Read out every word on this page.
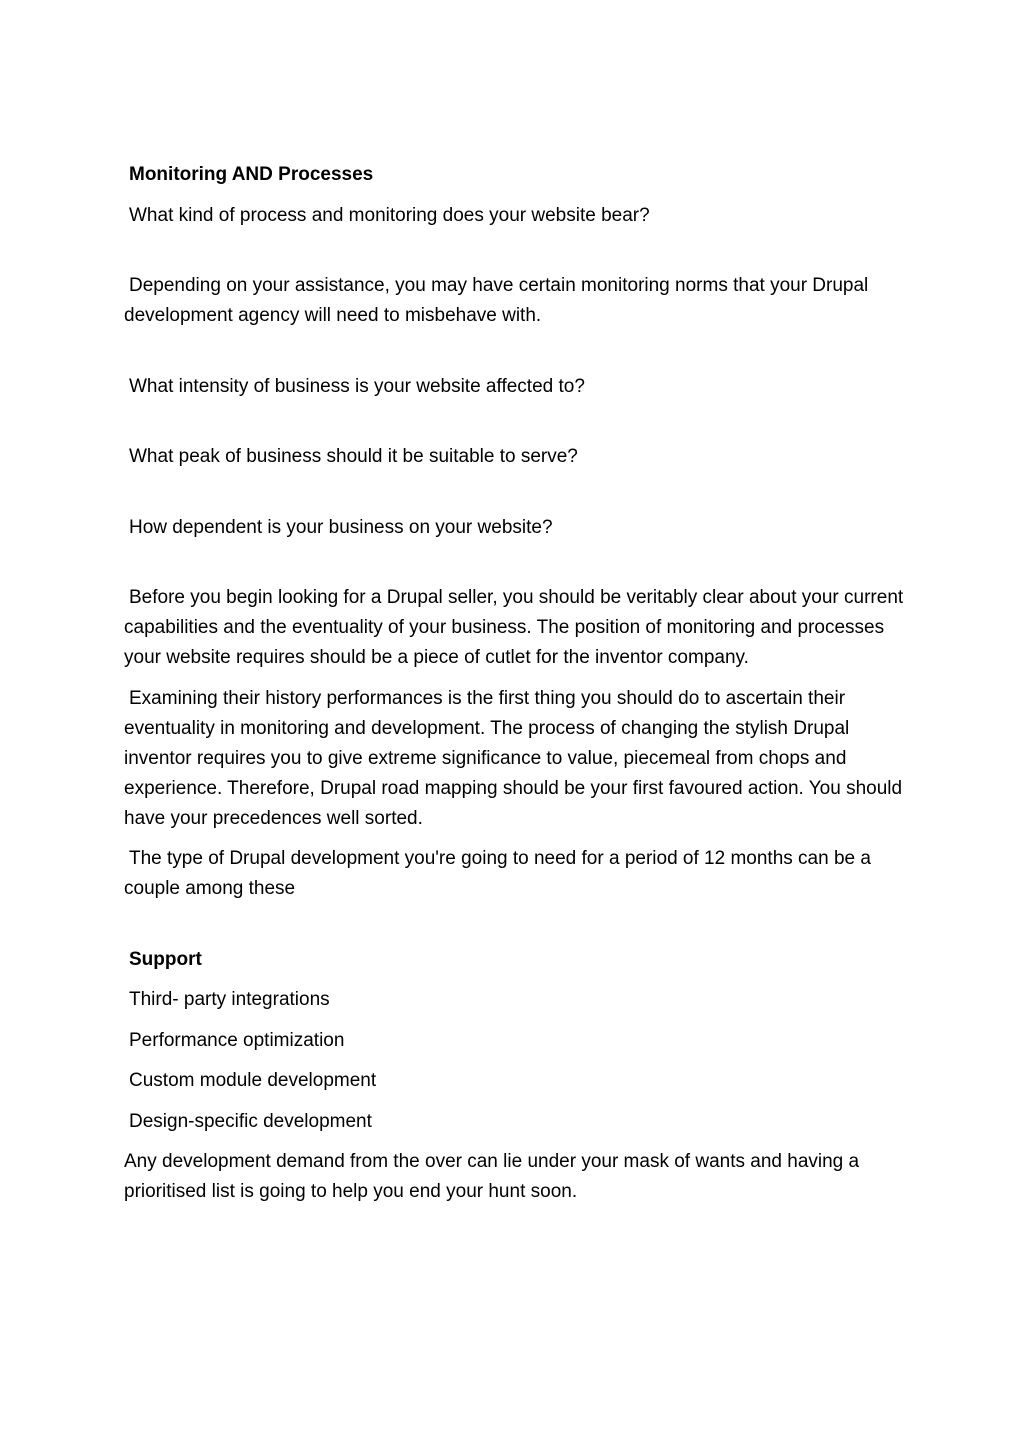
Monitoring AND Processes
What kind of process and monitoring does your website bear?
Depending on your assistance, you may have certain monitoring norms that your Drupal development agency will need to misbehave with.
What intensity of business is your website affected to?
What peak of business should it be suitable to serve?
How dependent is your business on your website?
Before you begin looking for a Drupal seller, you should be veritably clear about your current capabilities and the eventuality of your business. The position of monitoring and processes your website requires should be a piece of cutlet for the inventor company.
Examining their history performances is the first thing you should do to ascertain their eventuality in monitoring and development. The process of changing the stylish Drupal inventor requires you to give extreme significance to value, piecemeal from chops and experience. Therefore, Drupal road mapping should be your first favoured action. You should have your precedences well sorted.
The type of Drupal development you're going to need for a period of 12 months can be a couple among these
Support
Third- party integrations
Performance optimization
Custom module development
Design-specific development
Any development demand from the over can lie under your mask of wants and having a prioritised list is going to help you end your hunt soon.
